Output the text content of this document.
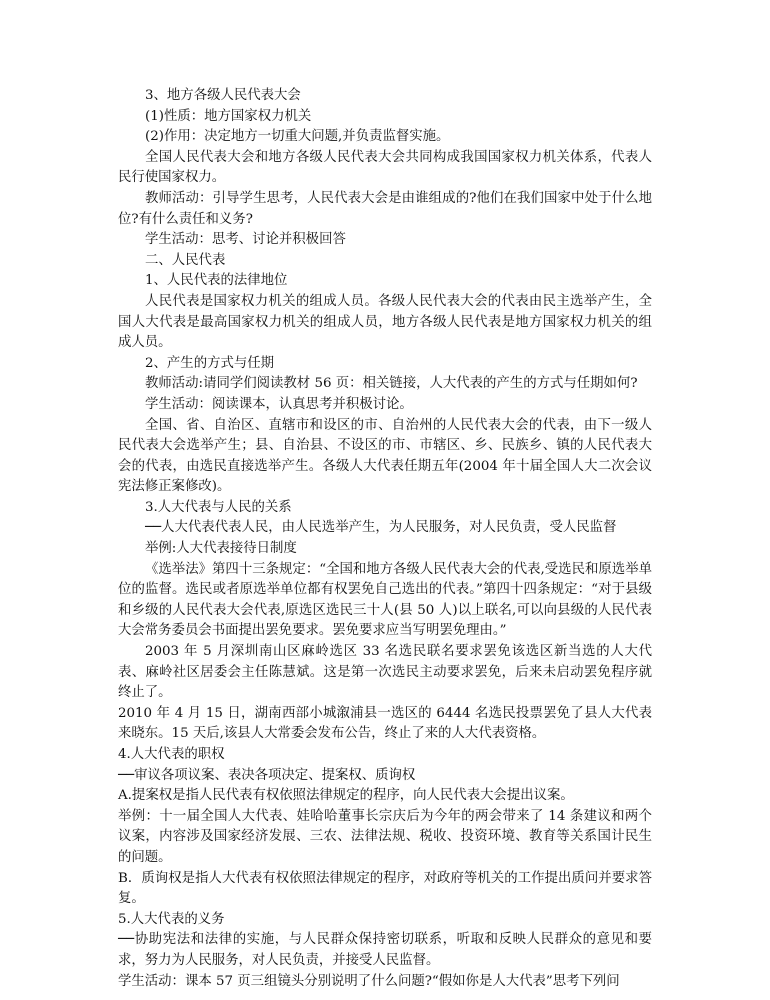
3、地方各级人民代表大会

(1)性质：地方国家权力机关

(2)作用：决定地方一切重大问题,并负责监督实施。

全国人民代表大会和地方各级人民代表大会共同构成我国国家权力机关体系，代表人民行使国家权力。

教师活动：引导学生思考，人民代表大会是由谁组成的?他们在我们国家中处于什么地位?有什么责任和义务?

学生活动：思考、讨论并积极回答

二、人民代表

1、人民代表的法律地位

人民代表是国家权力机关的组成人员。各级人民代表大会的代表由民主选举产生，全国人大代表是最高国家权力机关的组成人员，地方各级人民代表是地方国家权力机关的组成人员。

2、产生的方式与任期

教师活动:请同学们阅读教材 56 页：相关链接，人大代表的产生的方式与任期如何?

学生活动：阅读课本，认真思考并积极讨论。

全国、省、自治区、直辖市和设区的市、自治州的人民代表大会的代表，由下一级人民代表大会选举产生；县、自治县、不设区的市、市辖区、乡、民族乡、镇的人民代表大会的代表，由选民直接选举产生。各级人大代表任期五年(2004 年十届全国人大二次会议宪法修正案修改)。

3.人大代表与人民的关系

──人大代表代表人民，由人民选举产生，为人民服务，对人民负责，受人民监督

举例:人大代表接待日制度

《选举法》第四十三条规定：“全国和地方各级人民代表大会的代表,受选民和原选举单位的监督。选民或者原选举单位都有权罢免自己选出的代表。”第四十四条规定：“对于县级和乡级的人民代表大会代表,原选区选民三十人(县 50 人)以上联名,可以向县级的人民代表大会常务委员会书面提出罢免要求。罢免要求应当写明罢免理由。”

2003 年 5 月深圳南山区麻岭选区 33 名选民联名要求罢免该选区新当选的人大代表、麻岭社区居委会主任陈慧斌。这是第一次选民主动要求罢免，后来未启动罢免程序就终止了。

2010 年 4 月 15 日，湖南西部小城溆浦县一选区的 6444 名选民投票罢免了县人大代表来晓东。15 天后,该县人大常委会发布公告，终止了来的人大代表资格。

4.人大代表的职权

──审议各项议案、表决各项决定、提案权、质询权

A.提案权是指人民代表有权依照法律规定的程序，向人民代表大会提出议案。

举例：十一届全国人大代表、娃哈哈董事长宗庆后为今年的两会带来了 14 条建议和两个议案，内容涉及国家经济发展、三农、法律法规、税收、投资环境、教育等关系国计民生的问题。

B．质询权是指人大代表有权依照法律规定的程序，对政府等机关的工作提出质问并要求答复。

5.人大代表的义务

──协助宪法和法律的实施，与人民群众保持密切联系，听取和反映人民群众的意见和要求，努力为人民服务，对人民负责，并接受人民监督。

学生活动：课本 57 页三组镜头分别说明了什么问题?“假如你是人大代表”思考下列问
